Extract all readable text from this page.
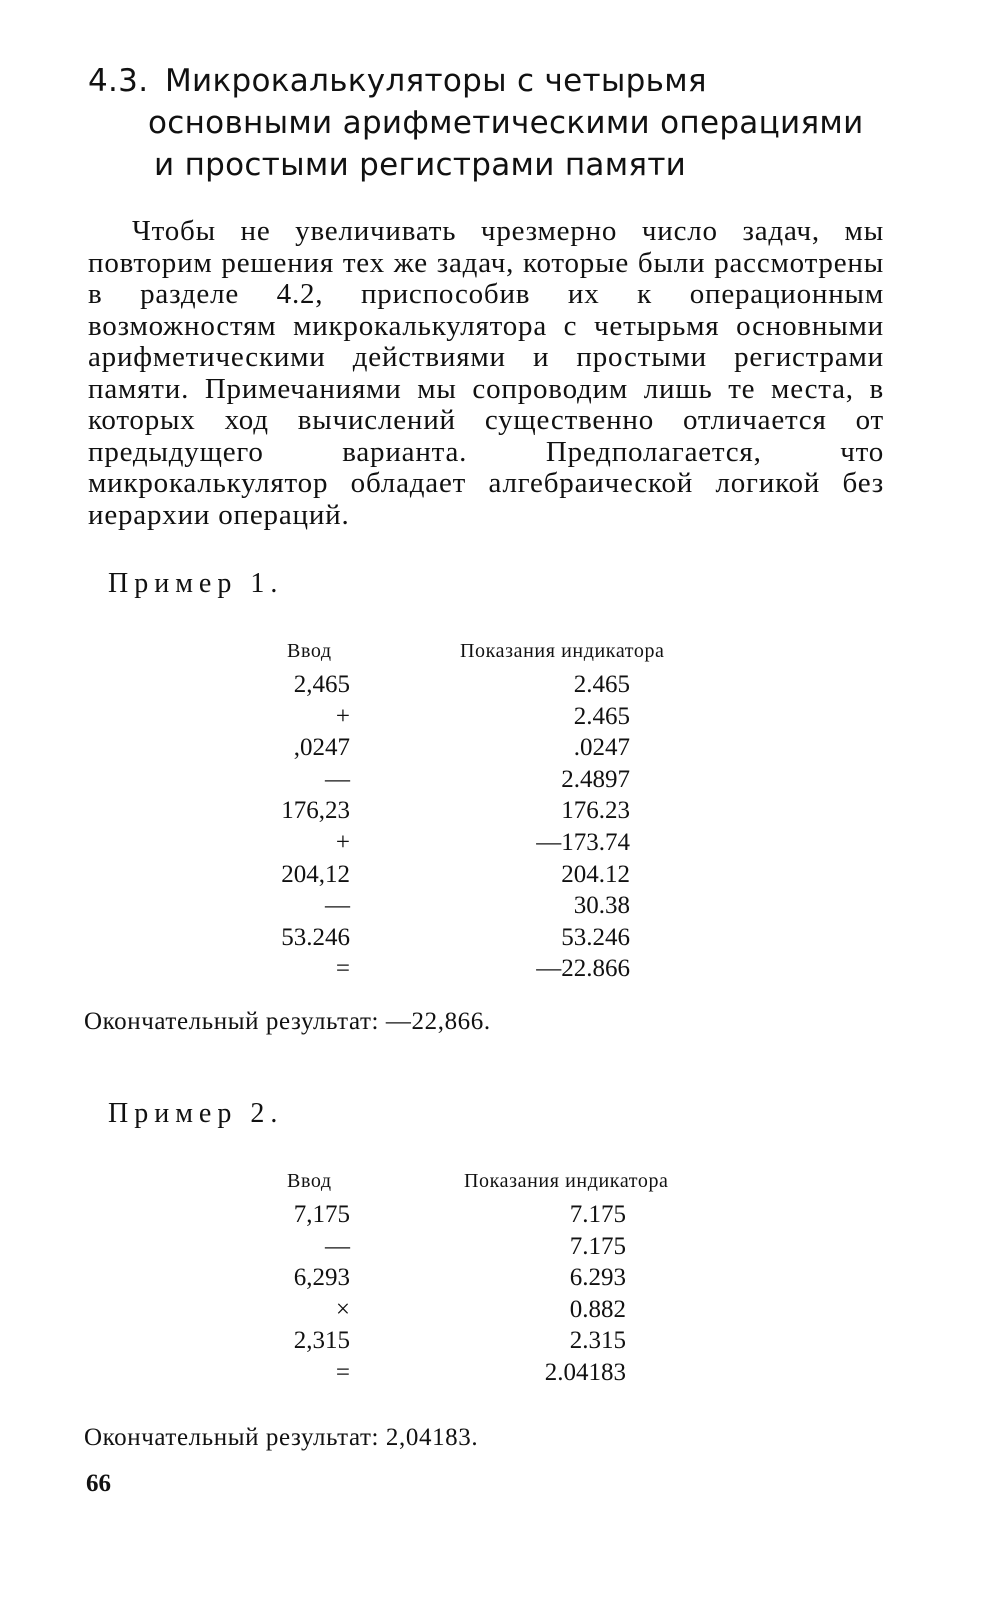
4.3. Микрокалькуляторы с четырьмя
основными арифметическими операциями
и простыми регистрами памяти

Чтобы не увеличивать чрезмерно число задач, мы повторим решения тех же задач, которые были рассмотрены в разделе 4.2, приспособив их к операционным возможностям микрокалькулятора с четырьмя основными арифметическими действиями и простыми регистрами памяти. Примечаниями мы сопроводим лишь те места, в которых ход вычислений существенно отличается от предыдущего варианта. Предполагается, что микрокалькулятор обладает алгебраической логикой без иерархии операций.

Пример 1.
Ввод	Показания индикатора
2,465	2.465
+	2.465
,0247	.0247
—	2.4897
176,23	176.23
+	—173.74
204,12	204.12
—	30.38
53.246	53.246
=	—22.866
Окончательный результат: —22,866.
Пример 2.
Ввод	Показания индикатора
7,175	7.175
—	7.175
6,293	6.293
×	0.882
2,315	2.315
=	2.04183
Окончательный результат: 2,04183.
66
